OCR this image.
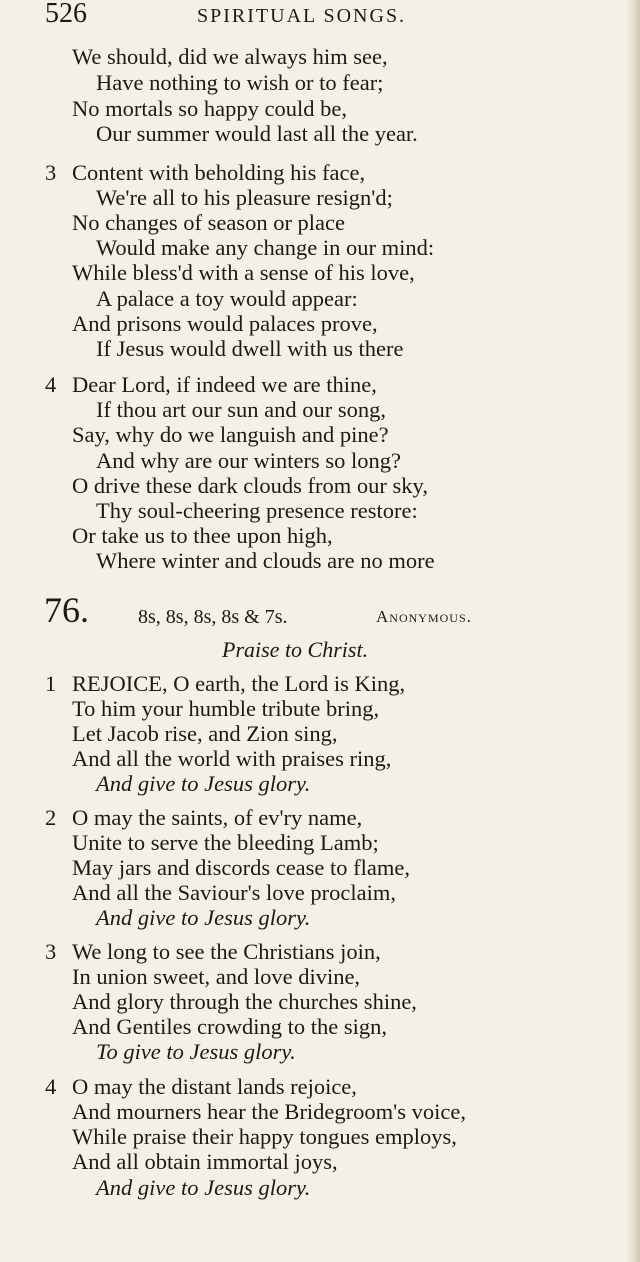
526	SPIRITUAL SONGS.
We should, did we always him see,
Have nothing to wish or to fear;
No mortals so happy could be,
Our summer would last all the year.
3 Content with beholding his face,
We're all to his pleasure resign'd;
No changes of season or place
Would make any change in our mind:
While bless'd with a sense of his love,
A palace a toy would appear:
And prisons would palaces prove,
If Jesus would dwell with us there
4 Dear Lord, if indeed we are thine,
If thou art our sun and our song,
Say, why do we languish and pine?
And why are our winters so long?
O drive these dark clouds from our sky,
Thy soul-cheering presence restore:
Or take us to thee upon high,
Where winter and clouds are no more
76. 8s, 8s, 8s, 8s & 7s.	Anonymous.
Praise to Christ.
1 REJOICE, O earth, the Lord is King,
To him your humble tribute bring,
Let Jacob rise, and Zion sing,
And all the world with praises ring,
And give to Jesus glory.
2 O may the saints, of ev'ry name,
Unite to serve the bleeding Lamb;
May jars and discords cease to flame,
And all the Saviour's love proclaim,
And give to Jesus glory.
3 We long to see the Christians join,
In union sweet, and love divine,
And glory through the churches shine,
And Gentiles crowding to the sign,
To give to Jesus glory.
4 O may the distant lands rejoice,
And mourners hear the Bridegroom's voice,
While praise their happy tongues employs,
And all obtain immortal joys,
And give to Jesus glory.
